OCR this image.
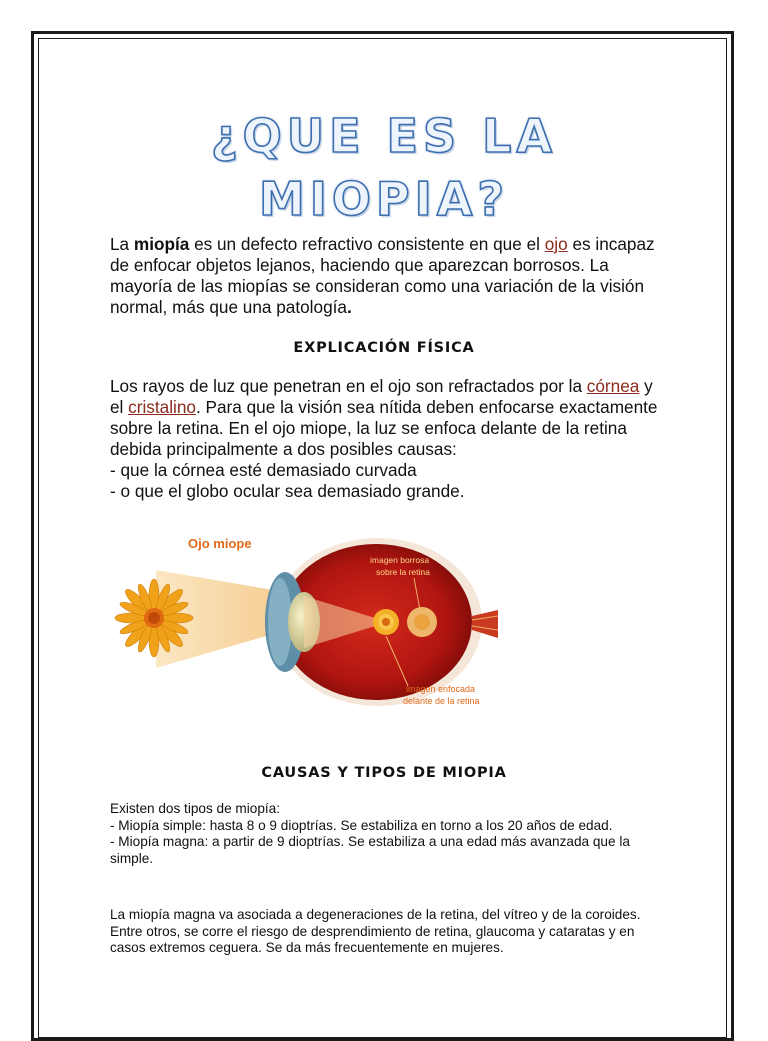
¿QUE ES LA
MIOPIA?

La miopía es un defecto refractivo consistente en que el ojo es incapaz de enfocar objetos lejanos, haciendo que aparezcan borrosos. La mayoría de las miopías se consideran como una variación de la visión normal, más que una patología.

EXPLICACIÓN FÍSICA

Los rayos de luz que penetran en el ojo son refractados por la córnea y el cristalino. Para que la visión sea nítida deben enfocarse exactamente sobre la retina. En el ojo miope, la luz se enfoca delante de la retina debida principalmente a dos posibles causas:
- que la córnea esté demasiado curvada
- o que el globo ocular sea demasiado grande.

Ojo miope
imagen borrosa
sobre la retina
imagen enfocada
delante de la retina
CAUSAS Y TIPOS DE MIOPIA

Existen dos tipos de miopía:
- Miopía simple: hasta 8 o 9 dioptrías. Se estabiliza en torno a los 20 años de edad.
- Miopía magna: a partir de 9 dioptrías. Se estabiliza a una edad más avanzada que la simple.

La miopía magna va asociada a degeneraciones de la retina, del vítreo y de la coroides. Entre otros, se corre el riesgo de desprendimiento de retina, glaucoma y cataratas y en casos extremos ceguera. Se da más frecuentemente en mujeres.
